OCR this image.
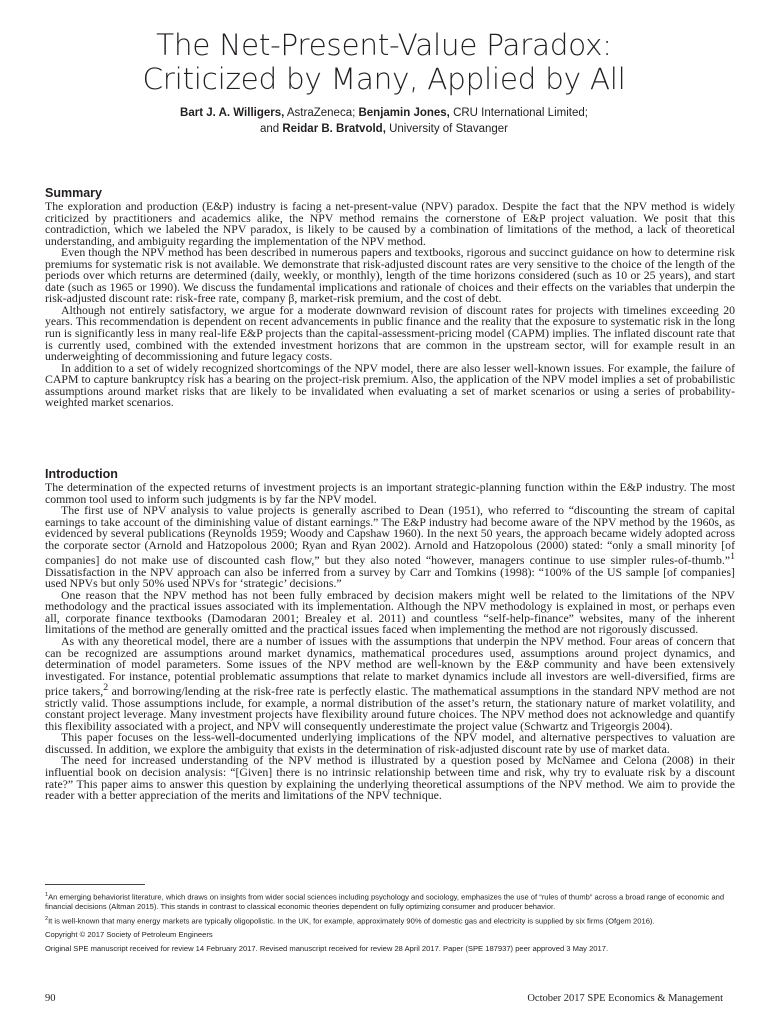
The Net-Present-Value Paradox:
Criticized by Many, Applied by All
Bart J. A. Willigers, AstraZeneca; Benjamin Jones, CRU International Limited;
and Reidar B. Bratvold, University of Stavanger
Summary

The exploration and production (E&P) industry is facing a net-present-value (NPV) paradox. Despite the fact that the NPV method is widely criticized by practitioners and academics alike, the NPV method remains the cornerstone of E&P project valuation. We posit that this contradiction, which we labeled the NPV paradox, is likely to be caused by a combination of limitations of the method, a lack of theoretical understanding, and ambiguity regarding the implementation of the NPV method.

Even though the NPV method has been described in numerous papers and textbooks, rigorous and succinct guidance on how to determine risk premiums for systematic risk is not available. We demonstrate that risk-adjusted discount rates are very sensitive to the choice of the length of the periods over which returns are determined (daily, weekly, or monthly), length of the time horizons considered (such as 10 or 25 years), and start date (such as 1965 or 1990). We discuss the fundamental implications and rationale of choices and their effects on the variables that underpin the risk-adjusted discount rate: risk-free rate, company β, market-risk premium, and the cost of debt.

Although not entirely satisfactory, we argue for a moderate downward revision of discount rates for projects with timelines exceeding 20 years. This recommendation is dependent on recent advancements in public finance and the reality that the exposure to systematic risk in the long run is significantly less in many real-life E&P projects than the capital-assessment-pricing model (CAPM) implies. The inflated discount rate that is currently used, combined with the extended investment horizons that are common in the upstream sector, will for example result in an underweighting of decommissioning and future legacy costs.

In addition to a set of widely recognized shortcomings of the NPV model, there are also lesser well-known issues. For example, the failure of CAPM to capture bankruptcy risk has a bearing on the project-risk premium. Also, the application of the NPV model implies a set of probabilistic assumptions around market risks that are likely to be invalidated when evaluating a set of market scenarios or using a series of probability-weighted market scenarios.

Introduction

The determination of the expected returns of investment projects is an important strategic-planning function within the E&P industry. The most common tool used to inform such judgments is by far the NPV model.

The first use of NPV analysis to value projects is generally ascribed to Dean (1951), who referred to “discounting the stream of capital earnings to take account of the diminishing value of distant earnings.” The E&P industry had become aware of the NPV method by the 1960s, as evidenced by several publications (Reynolds 1959; Woody and Capshaw 1960). In the next 50 years, the approach became widely adopted across the corporate sector (Arnold and Hatzopolous 2000; Ryan and Ryan 2002). Arnold and Hatzopolous (2000) stated: “only a small minority [of companies] do not make use of discounted cash flow,” but they also noted “however, managers continue to use simpler rules-of-thumb.”$^1$ Dissatisfaction in the NPV approach can also be inferred from a survey by Carr and Tomkins (1998): “100% of the US sample [of companies] used NPVs but only 50% used NPVs for ‘strategic’ decisions.”

One reason that the NPV method has not been fully embraced by decision makers might well be related to the limitations of the NPV methodology and the practical issues associated with its implementation. Although the NPV methodology is explained in most, or perhaps even all, corporate finance textbooks (Damodaran 2001; Brealey et al. 2011) and countless “self-help-finance” websites, many of the inherent limitations of the method are generally omitted and the practical issues faced when implementing the method are not rigorously discussed.

As with any theoretical model, there are a number of issues with the assumptions that underpin the NPV method. Four areas of concern that can be recognized are assumptions around market dynamics, mathematical procedures used, assumptions around project dynamics, and determination of model parameters. Some issues of the NPV method are well-known by the E&P community and have been extensively investigated. For instance, potential problematic assumptions that relate to market dynamics include all investors are well-diversified, firms are price takers,$^2$ and borrowing/lending at the risk-free rate is perfectly elastic. The mathematical assumptions in the standard NPV method are not strictly valid. Those assumptions include, for example, a normal distribution of the asset’s return, the stationary nature of market volatility, and constant project leverage. Many investment projects have flexibility around future choices. The NPV method does not acknowledge and quantify this flexibility associated with a project, and NPV will consequently underestimate the project value (Schwartz and Trigeorgis 2004).

This paper focuses on the less-well-documented underlying implications of the NPV model, and alternative perspectives to valuation are discussed. In addition, we explore the ambiguity that exists in the determination of risk-adjusted discount rate by use of market data.

The need for increased understanding of the NPV method is illustrated by a question posed by McNamee and Celona (2008) in their influential book on decision analysis: “[Given] there is no intrinsic relationship between time and risk, why try to evaluate risk by a discount rate?” This paper aims to answer this question by explaining the underlying theoretical assumptions of the NPV method. We aim to provide the reader with a better appreciation of the merits and limitations of the NPV technique.

$^1$An emerging behaviorist literature, which draws on insights from wider social sciences including psychology and sociology, emphasizes the use of “rules of thumb” across a broad range of economic and financial decisions (Altman 2015). This stands in contrast to classical economic theories dependent on fully optimizing consumer and producer behavior.

$^2$It is well-known that many energy markets are typically oligopolistic. In the UK, for example, approximately 90% of domestic gas and electricity is supplied by six firms (Ofgem 2016).

Copyright © 2017 Society of Petroleum Engineers

Original SPE manuscript received for review 14 February 2017. Revised manuscript received for review 28 April 2017. Paper (SPE 187937) peer approved 3 May 2017.

90	October 2017 SPE Economics & Management
